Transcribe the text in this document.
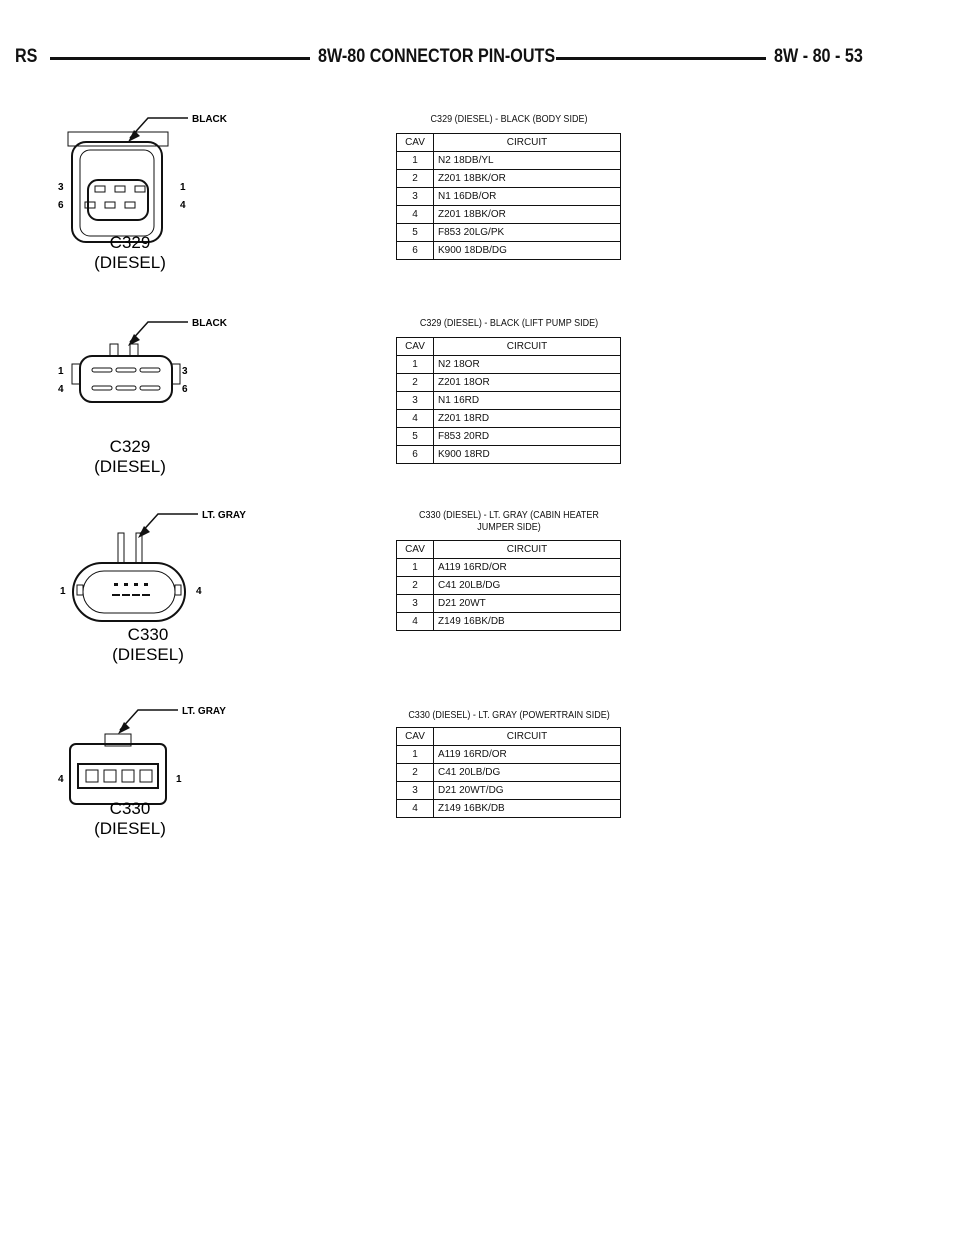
RS	8W-80 CONNECTOR PIN-OUTS	8W - 80 - 53
C329 (DIESEL) - BLACK (BODY SIDE)
CAV	CIRCUIT
1	N2 18DB/YL
2	Z201 18BK/OR
3	N1 16DB/OR
4	Z201 18BK/OR
5	F853 20LG/PK
6	K900 18DB/DG
BLACK
3
6
1
4
C329
(DIESEL)
C329 (DIESEL) - BLACK (LIFT PUMP SIDE)
CAV	CIRCUIT
1	N2 18OR
2	Z201 18OR
3	N1 16RD
4	Z201 18RD
5	F853 20RD
6	K900 18RD
BLACK
1
4
3
6
C329
(DIESEL)
C330 (DIESEL) - LT. GRAY (CABIN HEATER
JUMPER SIDE)
CAV	CIRCUIT
1	A119 16RD/OR
2	C41 20LB/DG
3	D21 20WT
4	Z149 16BK/DB
LT. GRAY
1	4
C330
(DIESEL)
C330 (DIESEL) - LT. GRAY (POWERTRAIN SIDE)
CAV	CIRCUIT
1	A119 16RD/OR
2	C41 20LB/DG
3	D21 20WT/DG
4	Z149 16BK/DB
LT. GRAY
4	1
C330
(DIESEL)
